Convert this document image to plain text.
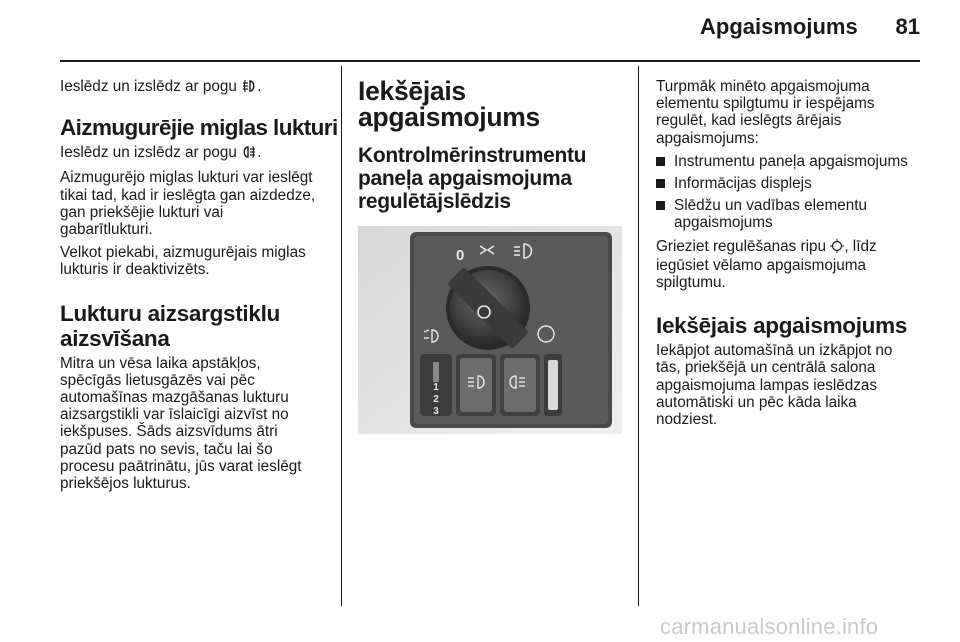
Apgaismojums	81

Ieslēdz un izslēdz ar pogu .

Aizmugurējie miglas lukturi

Ieslēdz un izslēdz ar pogu .

Aizmugurējo miglas lukturi var ieslēgt
tikai tad, kad ir ieslēgta gan aizdedze,
gan priekšējie lukturi vai
gabarītlukturi.

Velkot piekabi, aizmugurējais miglas
lukturis ir deaktivizēts.

Lukturu aizsargstiklu
aizsvīšana

Mitra un vēsa laika apstākļos,
spēcīgās lietusgāzēs vai pēc
automašīnas mazgāšanas lukturu
aizsargstikli var īslaicīgi aizvīst no
iekšpuses. Šāds aizsvīdums ātri
pazūd pats no sevis, taču lai šo
procesu paātrinātu, jūs varat ieslēgt
priekšējos lukturus.

Iekšējais
apgaismojums
Kontrolmērinstrumentu
paneļa apgaismojuma
regulētājslēdzis
0
1
2
3

Turpmāk minēto apgaismojuma
elementu spilgtumu ir iespējams
regulēt, kad ieslēgts ārējais
apgaismojums:

Instrumentu paneļa apgaismojums
Informācijas displejs
Slēdžu un vadības elementu
apgaismojums

Grieziet regulēšanas ripu , līdz
iegūsiet vēlamo apgaismojuma
spilgtumu.

Iekšējais apgaismojums

Iekāpjot automašīnā un izkāpjot no
tās, priekšējā un centrālā salona
apgaismojuma lampas ieslēdzas
automātiski un pēc kāda laika
nodziest.

carmanualsonline.info
